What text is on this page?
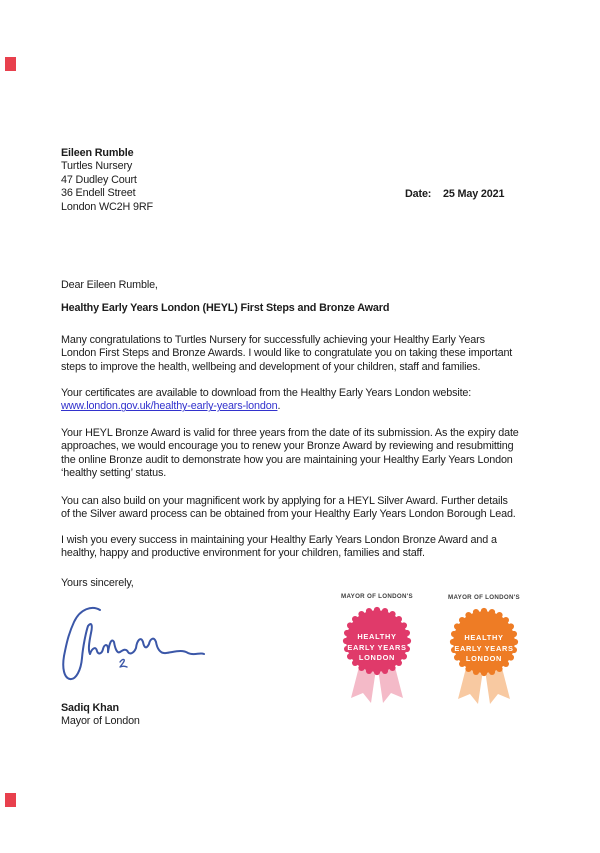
Eileen Rumble
Turtles Nursery
47 Dudley Court
36 Endell Street
London WC2H 9RF
Date: 25 May 2021
Dear Eileen Rumble,
Healthy Early Years London (HEYL) First Steps and Bronze Award
Many congratulations to Turtles Nursery for successfully achieving your Healthy Early Years
London First Steps and Bronze Awards. I would like to congratulate you on taking these important
steps to improve the health, wellbeing and development of your children, staff and families.
Your certificates are available to download from the Healthy Early Years London website:
www.london.gov.uk/healthy-early-years-london.
Your HEYL Bronze Award is valid for three years from the date of its submission. As the expiry date
approaches, we would encourage you to renew your Bronze Award by reviewing and resubmitting
the online Bronze audit to demonstrate how you are maintaining your Healthy Early Years London
‘healthy setting’ status.
You can also build on your magnificent work by applying for a HEYL Silver Award. Further details
of the Silver award process can be obtained from your Healthy Early Years London Borough Lead.
I wish you every success in maintaining your Healthy Early Years London Bronze Award and a
healthy, happy and productive environment for your children, families and staff.
Yours sincerely,
Sadiq Khan
Mayor of London
MAYOR OF LONDON'S
HEALTHY
EARLY YEARS
LONDON
MAYOR OF LONDON'S
HEALTHY
EARLY YEARS
LONDON
